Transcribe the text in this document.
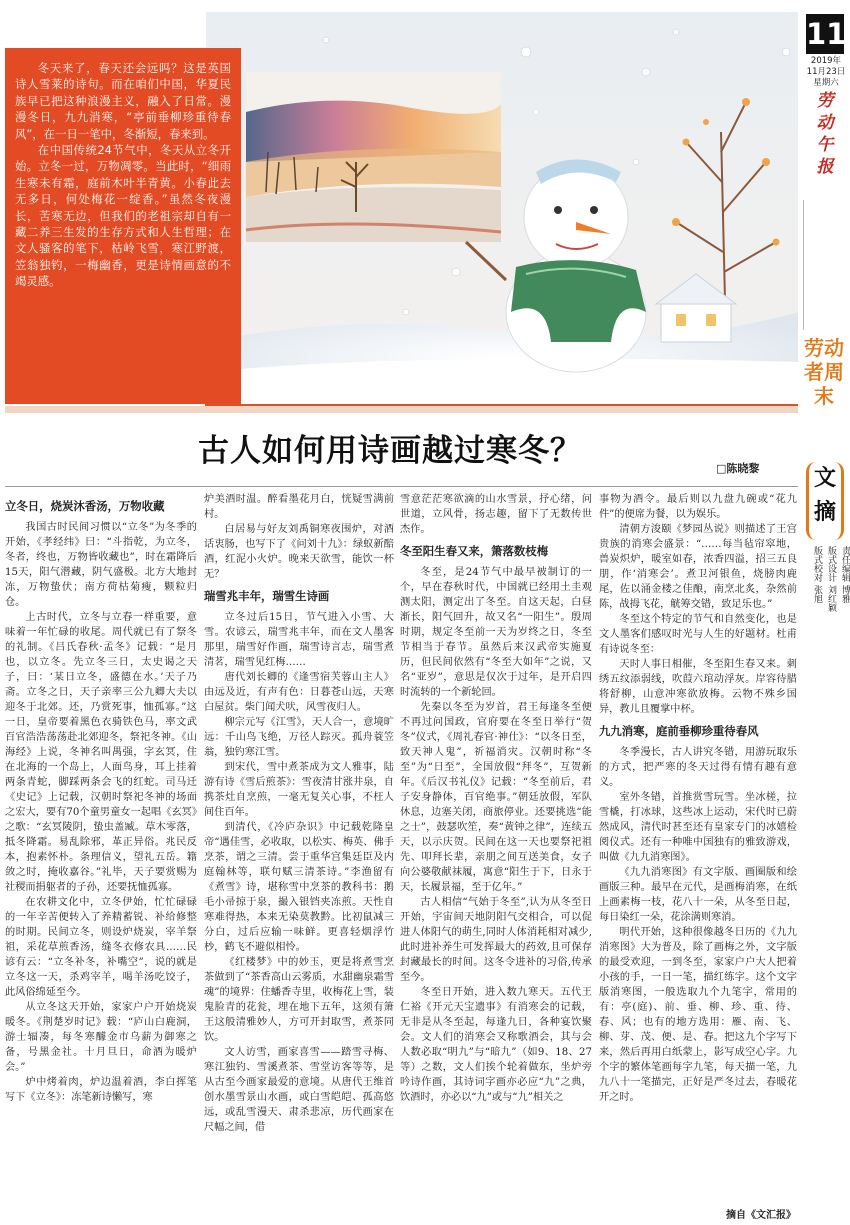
冬天来了，春天还会远吗？这是英国诗人雪莱的诗句。而在咱们中国，华夏民族早已把这种浪漫主义，融入了日常。漫漫冬日，九九消寒，“亭前垂柳珍重待春风”，在一日一笔中，冬渐短，春来到。

在中国传统24节气中，冬天从立冬开始。立冬一过，万物凋零。当此时，“细雨生寒未有霜，庭前木叶半青黄。小春此去无多日，何处梅花一绽香。”虽然冬夜漫长，苦寒无边，但我们的老祖宗却自有一藏二养三生发的生存方式和人生哲理；在文人骚客的笔下，枯岭飞雪，寒江野渡，笠翁独钓，一梅幽香，更是诗情画意的不竭灵感。

古人如何用诗画越过寒冬？	□陈晓黎
立冬日，烧炭沐香汤，万物收藏

我国古时民间习惯以“立冬”为冬季的开始，《孝经纬》曰：“斗指乾，为立冬，冬者，终也，万物皆收藏也”，时在霜降后15天，阳气潜藏，阴气盛极。北方大地封冻，万物蛰伏；南方荷枯菊瘦，颗粒归仓。

上古时代，立冬与立春一样重要，意味着一年忙碌的收尾。周代就已有了祭冬的礼制。《吕氏春秋·孟冬》记载：“是月也，以立冬。先立冬三日，太史谒之天子，曰：‘某日立冬，盛德在水。’天子乃斋。立冬之日，天子亲率三公九卿大夫以迎冬于北郊。还，乃赏死事，恤孤寡。”这一日，皇帝要着黑色衣骑铁色马，率文武百官浩浩荡荡赴北郊迎冬，祭祀冬神。《山海经》上说，冬神名叫禺强，字玄冥，住在北海的一个岛上，人面鸟身，耳上挂着两条青蛇，脚踩两条会飞的红蛇。司马迁《史记》上记载，汉朝时祭祀冬神的场面之宏大，要有70个童男童女一起唱《玄冥》之歌：“玄冥陵阴，蛰虫盖臧。草木零落，抵冬降霜。易乱除邪，革正异俗。兆民反本，抱素怀朴。条理信义，望礼五岳。籍敛之时，掩收嘉谷。”礼毕，天子要赏赐为社稷而捐躯者的子孙，还要抚恤孤寡。

在农耕文化中，立冬伊始，忙忙碌碌的一年辛苦便转入了养精蓄锐、补给修整的时期。民间立冬，则设炉烧炭，宰羊祭祖，采花草煎香汤，缝冬衣修农具……民谚有云：“立冬补冬，补嘴空”，说的就是立冬这一天，杀鸡宰羊，喝羊汤吃饺子，此风俗绵延至今。

从立冬这天开始，家家户户开始烧炭暖冬。《荆楚岁时记》载：“庐山白鹿洞，游士辐凑，每冬寒醵金市乌薪为御寒之备，号黑金社。十月旦日，命酒为暖炉会。”

炉中烤着肉，炉边温着酒，李白挥笔写下《立冬》：冻笔新诗懒写，寒

炉美酒时温。醉看墨花月白，恍疑雪满前村。

白居易与好友刘禹铜寒夜围炉，对酒话衷肠，也写下了《问刘十九》：绿蚁新醅酒，红泥小火炉。晚来天欲雪，能饮一杯无？

瑞雪兆丰年，瑞雪生诗画

立冬过后15日，节气进入小雪、大雪。农谚云，瑞雪兆丰年，而在文人墨客那里，瑞雪好作画，瑞雪诗言志，瑞雪煮清茗，瑞雪见红梅……

唐代刘长卿的《逢雪宿芙蓉山主人》由远及近，有声有色：日暮苍山远，天寒白屋贫。柴门闻犬吠，风雪夜归人。

柳宗元写《江雪》，天人合一，意境旷远：千山鸟飞绝，万径人踪灭。孤舟蓑笠翁，独钓寒江雪。

到宋代，雪中煮茶成为文人雅事，陆游有诗《雪后煎茶》：雪夜清甘涨井泉，自携茶灶自烹煎，一毫无复关心事，不枉人间住百年。

到清代，《冷庐杂识》中记载乾隆皇帝“遇佳雪，必收取，以松实、梅英、佛手烹茶，谓之三清。尝于重华宫集廷臣及内庭翰林等，联句赋三清茶诗。”李渔留有《煮雪》诗，堪称雪中烹茶的教科书：鹅毛小帚掠于泉，撮入银铛夹冻煎。天性自寒难得热，本来无染莫教黔。比初鼠减三分白，过后应输一味鲜。更喜轻烟浮竹杪，鹤飞不避似相怜。

《红楼梦》中的妙玉，更是将煮雪烹茶做到了“茶香高山云雾质，水甜幽泉霜雪魂”的境界：住蟠香寺里，收梅花上雪，装鬼脸青的花瓮，埋在地下五年，这须有箫王这般清雅妙人，方可开封取雪，煮茶同饮。

文人访雪，画家喜雪——踏雪寻梅、寒江独钓、雪溪煮茶、雪堂访客等等，是从古至今画家最爱的意境。从唐代王维首创水墨雪景山水画，或白雪皑皑、孤高悠远，或乱雪漫天、肃杀悲凉，历代画家在尺幅之间，借

雪意茫茫寒欲滴的山水雪景，抒心绪，问世道，立风骨，扬志趣，留下了无数传世杰作。

冬至阳生春又来，箫落数枝梅

冬至，是24节气中最早被制订的一个，早在春秋时代，中国就已经用土圭观测太阳，测定出了冬至。自这天起，白昼渐长，阳气回升，故又名“一阳生”。殷周时期，规定冬至前一天为岁终之日，冬至节相当于春节。虽然后来汉武帝实施夏历，但民间依然有“冬至大如年”之说，又名“亚岁”，意思是仅次于过年，是开启四时流转的一个新轮回。

先秦以冬至为岁首，君王每逢冬至便不再过问国政，官府要在冬至日举行“贺冬”仪式，《周礼春官·神仕》：“以冬日至，致天神人鬼”，祈福消灾。汉朝时称“冬至”为“日至”，全国放假“拜冬”，互贺新年。《后汉书礼仪》记载：“冬至前后，君子安身静体，百官绝事。”朝廷放假，军队休息，边塞关闭，商旅停业。还要挑选“能之士”，鼓瑟吹笙，奏“黄钟之律”，连续五天，以示庆贺。民间在这一天也要祭祀祖先、叩拜长辈，亲朋之间互送美食，女子向公婆敬献袜履，寓意“阳生于下，日永于天，长履景福，至于亿年。”

古人相信“气始于冬至”,认为从冬至日开始，宇宙间天地阴阳气交相合，可以促进人体阳气的萌生,同时人体消耗相对减少,此时进补养生可发挥最大的药效,且可保存封藏最长的时间。这冬令进补的习俗,传承至今。

冬至日开始，进入数九寒天。五代王仁裕《开元天宝遗事》有消寒会的记载，无非是从冬至起，每逢九日，各种宴饮聚会。文人们的消寒会又称歌酒会，其与会人数必取“明九”与“暗九”（如9、18、27等）之数，文人们挨个轮着做东，坐炉旁吟诗作画，其诗词字画亦必应“九”之典，饮酒时，亦必以“九”或与“九”相关之

事物为酒令。最后则以九盘九碗或“花九件”的便席为餐，以为娱乐。

清朝方浚颐《梦园丛说》则描述了王宫贵族的消寒会盛景：“……每当毡帘窣地，兽炭炽炉，暖室如春，浓香四溢，招三五良朋，作‘消寒会’。煮卫河银鱼，烧膀肉鹿尾，佐以涌金楼之佳酿，南烹北炙，杂然前陈，战拇飞花，觥筹交错，致足乐也。”

冬至这个特定的节气和自然变化，也是文人墨客们感叹时光与人生的好题材。杜甫有诗说冬至：

天时人事日相催，冬至阳生春又来。刺绣五纹添弱线，吹葭六琯动浮灰。岸容待腊将舒柳，山意冲寒欲放梅。云物不殊乡国异，教儿且覆掌中杯。

九九消寒，庭前垂柳珍重待春风

冬季漫长，古人讲究冬错，用游玩取乐的方式，把严寒的冬天过得有情有趣有意义。

室外冬错，首推赏雪玩雪。坐冰槎，拉雪橇，打冰球，这些冰上运动，宋代时已蔚然成风，清代时甚至还有皇家专门的冰嬉检阅仪式。还有一种唯中国独有的雅致游戏，叫做《九九消寒图》。

《九九消寒图》有文字版、画圈版和绘画版三种。最早在元代，是画梅消寒，在纸上画素梅一枝，花八十一朵，从冬至日起，每日染红一朵，花涂满则寒消。

明代开始，这种很像越冬日历的《九九消寒图》大为普及，除了画梅之外，文字版的最受欢迎，一到冬至，家家户户大人把着小孩的手，一日一笔，描红练字。这个文字版消寒图，一般选取九个九笔字，常用的有：亭(庭)、前、垂、柳、珍、重、待、春、风；也有的地方选用：雁、南、飞、柳、芽、茂、便、是、春。把这九个字写下来，然后再用白纸蒙上，影写成空心字。九个字的繁体笔画每字九笔，每天描一笔，九九八十一笔描完，正好是严冬过去，春暖花开之时。

摘自《文汇报》
11
2019年
11月23日
星期六
劳动午报
劳动者周末
文摘
责任编辑 博雅
版式设计 刘红颖
版式校对 张旭
